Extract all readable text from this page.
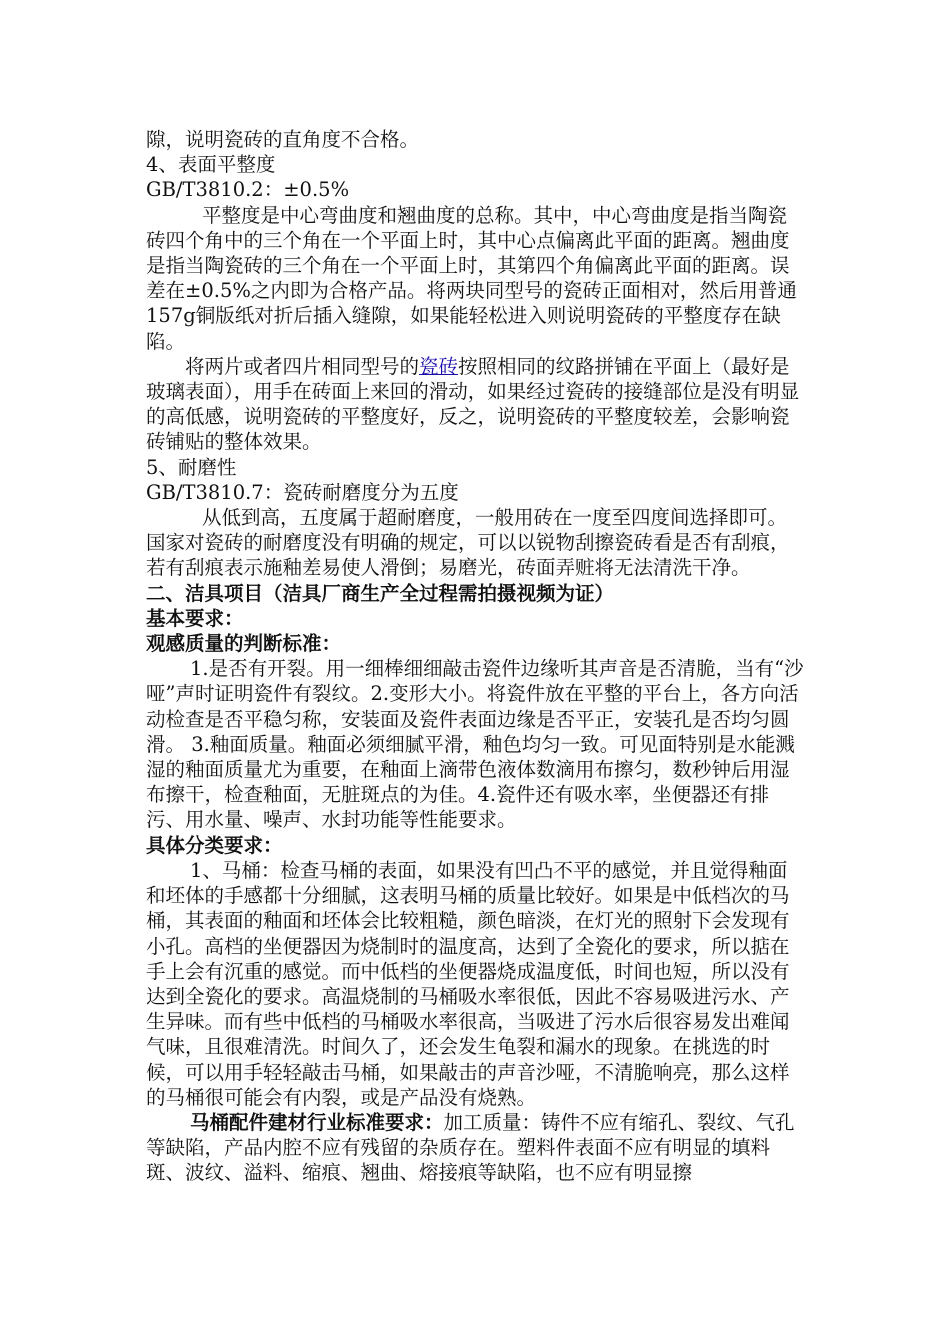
隙，说明瓷砖的直角度不合格。

4、表面平整度

GB/T3810.2：±0.5%

平整度是中心弯曲度和翘曲度的总称。其中，中心弯曲度是指当陶瓷砖四个角中的三个角在一个平面上时，其中心点偏离此平面的距离。翘曲度是指当陶瓷砖的三个角在一个平面上时，其第四个角偏离此平面的距离。误差在±0.5%之内即为合格产品。将两块同型号的瓷砖正面相对，然后用普通157g铜版纸对折后插入缝隙，如果能轻松进入则说明瓷砖的平整度存在缺陷。

将两片或者四片相同型号的瓷砖按照相同的纹路拼铺在平面上（最好是玻璃表面），用手在砖面上来回的滑动，如果经过瓷砖的接缝部位是没有明显的高低感，说明瓷砖的平整度好，反之，说明瓷砖的平整度较差，会影响瓷砖铺贴的整体效果。

5、耐磨性

GB/T3810.7：瓷砖耐磨度分为五度

从低到高，五度属于超耐磨度，一般用砖在一度至四度间选择即可。国家对瓷砖的耐磨度没有明确的规定，可以以锐物刮擦瓷砖看是否有刮痕，若有刮痕表示施釉差易使人滑倒；易磨光，砖面弄赃将无法清洗干净。

二、洁具项目（洁具厂商生产全过程需拍摄视频为证）

基本要求：

观感质量的判断标准：

1.是否有开裂。用一细棒细细敲击瓷件边缘听其声音是否清脆，当有“沙哑”声时证明瓷件有裂纹。2.变形大小。将瓷件放在平整的平台上，各方向活动检查是否平稳匀称，安装面及瓷件表面边缘是否平正，安装孔是否均匀圆滑。 3.釉面质量。釉面必须细腻平滑，釉色均匀一致。可见面特别是水能溅湿的釉面质量尤为重要，在釉面上滴带色液体数滴用布擦匀，数秒钟后用湿布擦干，检查釉面，无脏斑点的为佳。4.瓷件还有吸水率，坐便器还有排污、用水量、噪声、水封功能等性能要求。

具体分类要求：

1、马桶：检查马桶的表面，如果没有凹凸不平的感觉，并且觉得釉面和坯体的手感都十分细腻，这表明马桶的质量比较好。如果是中低档次的马桶，其表面的釉面和坯体会比较粗糙，颜色暗淡，在灯光的照射下会发现有小孔。高档的坐便器因为烧制时的温度高，达到了全瓷化的要求，所以掂在手上会有沉重的感觉。而中低档的坐便器烧成温度低，时间也短，所以没有达到全瓷化的要求。高温烧制的马桶吸水率很低，因此不容易吸进污水、产生异味。而有些中低档的马桶吸水率很高，当吸进了污水后很容易发出难闻气味，且很难清洗。时间久了，还会发生龟裂和漏水的现象。在挑选的时候，可以用手轻轻敲击马桶，如果敲击的声音沙哑，不清脆响亮，那么这样的马桶很可能会有内裂，或是产品没有烧熟。

马桶配件建材行业标准要求：加工质量：铸件不应有缩孔、裂纹、气孔等缺陷，产品内腔不应有残留的杂质存在。塑料件表面不应有明显的填料斑、波纹、溢料、缩痕、翘曲、熔接痕等缺陷，也不应有明显擦
